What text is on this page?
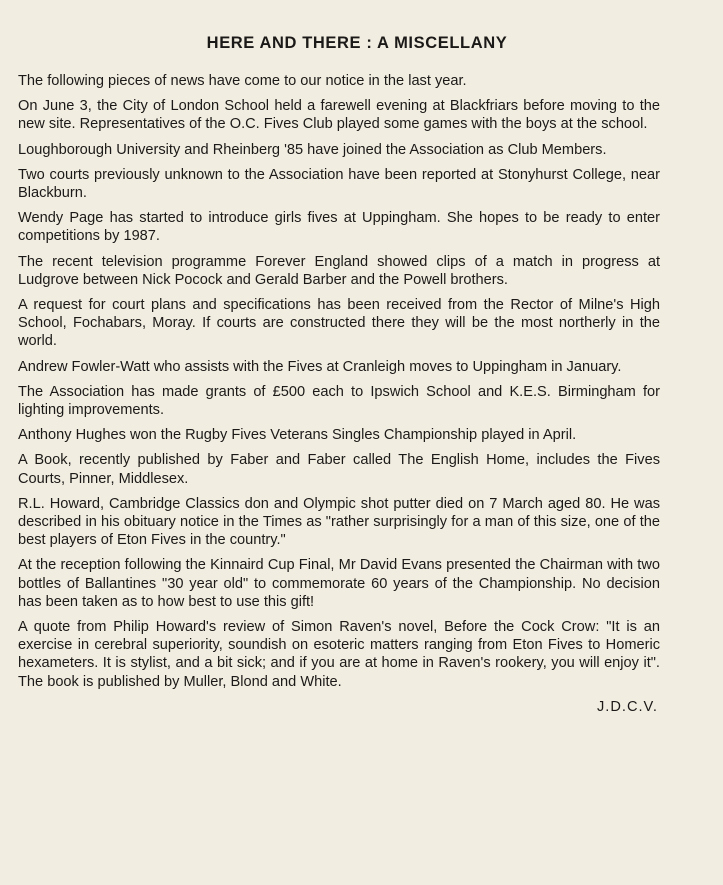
HERE AND THERE : A MISCELLANY

The following pieces of news have come to our notice in the last year.

On June 3, the City of London School held a farewell evening at Blackfriars before moving to the new site. Representatives of the O.C. Fives Club played some games with the boys at the school.

Loughborough University and Rheinberg '85 have joined the Association as Club Members.

Two courts previously unknown to the Association have been reported at Stonyhurst College, near Blackburn.

Wendy Page has started to introduce girls fives at Uppingham. She hopes to be ready to enter competitions by 1987.

The recent television programme Forever England showed clips of a match in progress at Ludgrove between Nick Pocock and Gerald Barber and the Powell brothers.

A request for court plans and specifications has been received from the Rector of Milne's High School, Fochabars, Moray. If courts are constructed there they will be the most northerly in the world.

Andrew Fowler-Watt who assists with the Fives at Cranleigh moves to Uppingham in January.

The Association has made grants of £500 each to Ipswich School and K.E.S. Birmingham for lighting improvements.

Anthony Hughes won the Rugby Fives Veterans Singles Championship played in April.

A Book, recently published by Faber and Faber called The English Home, includes the Fives Courts, Pinner, Middlesex.

R.L. Howard, Cambridge Classics don and Olympic shot putter died on 7 March aged 80. He was described in his obituary notice in the Times as "rather surprisingly for a man of this size, one of the best players of Eton Fives in the country."

At the reception following the Kinnaird Cup Final, Mr David Evans presented the Chairman with two bottles of Ballantines "30 year old" to commemorate 60 years of the Championship. No decision has been taken as to how best to use this gift!

A quote from Philip Howard's review of Simon Raven's novel, Before the Cock Crow: "It is an exercise in cerebral superiority, soundish on esoteric matters ranging from Eton Fives to Homeric hexameters. It is stylist, and a bit sick; and if you are at home in Raven's rookery, you will enjoy it". The book is published by Muller, Blond and White.

J.D.C.V.
